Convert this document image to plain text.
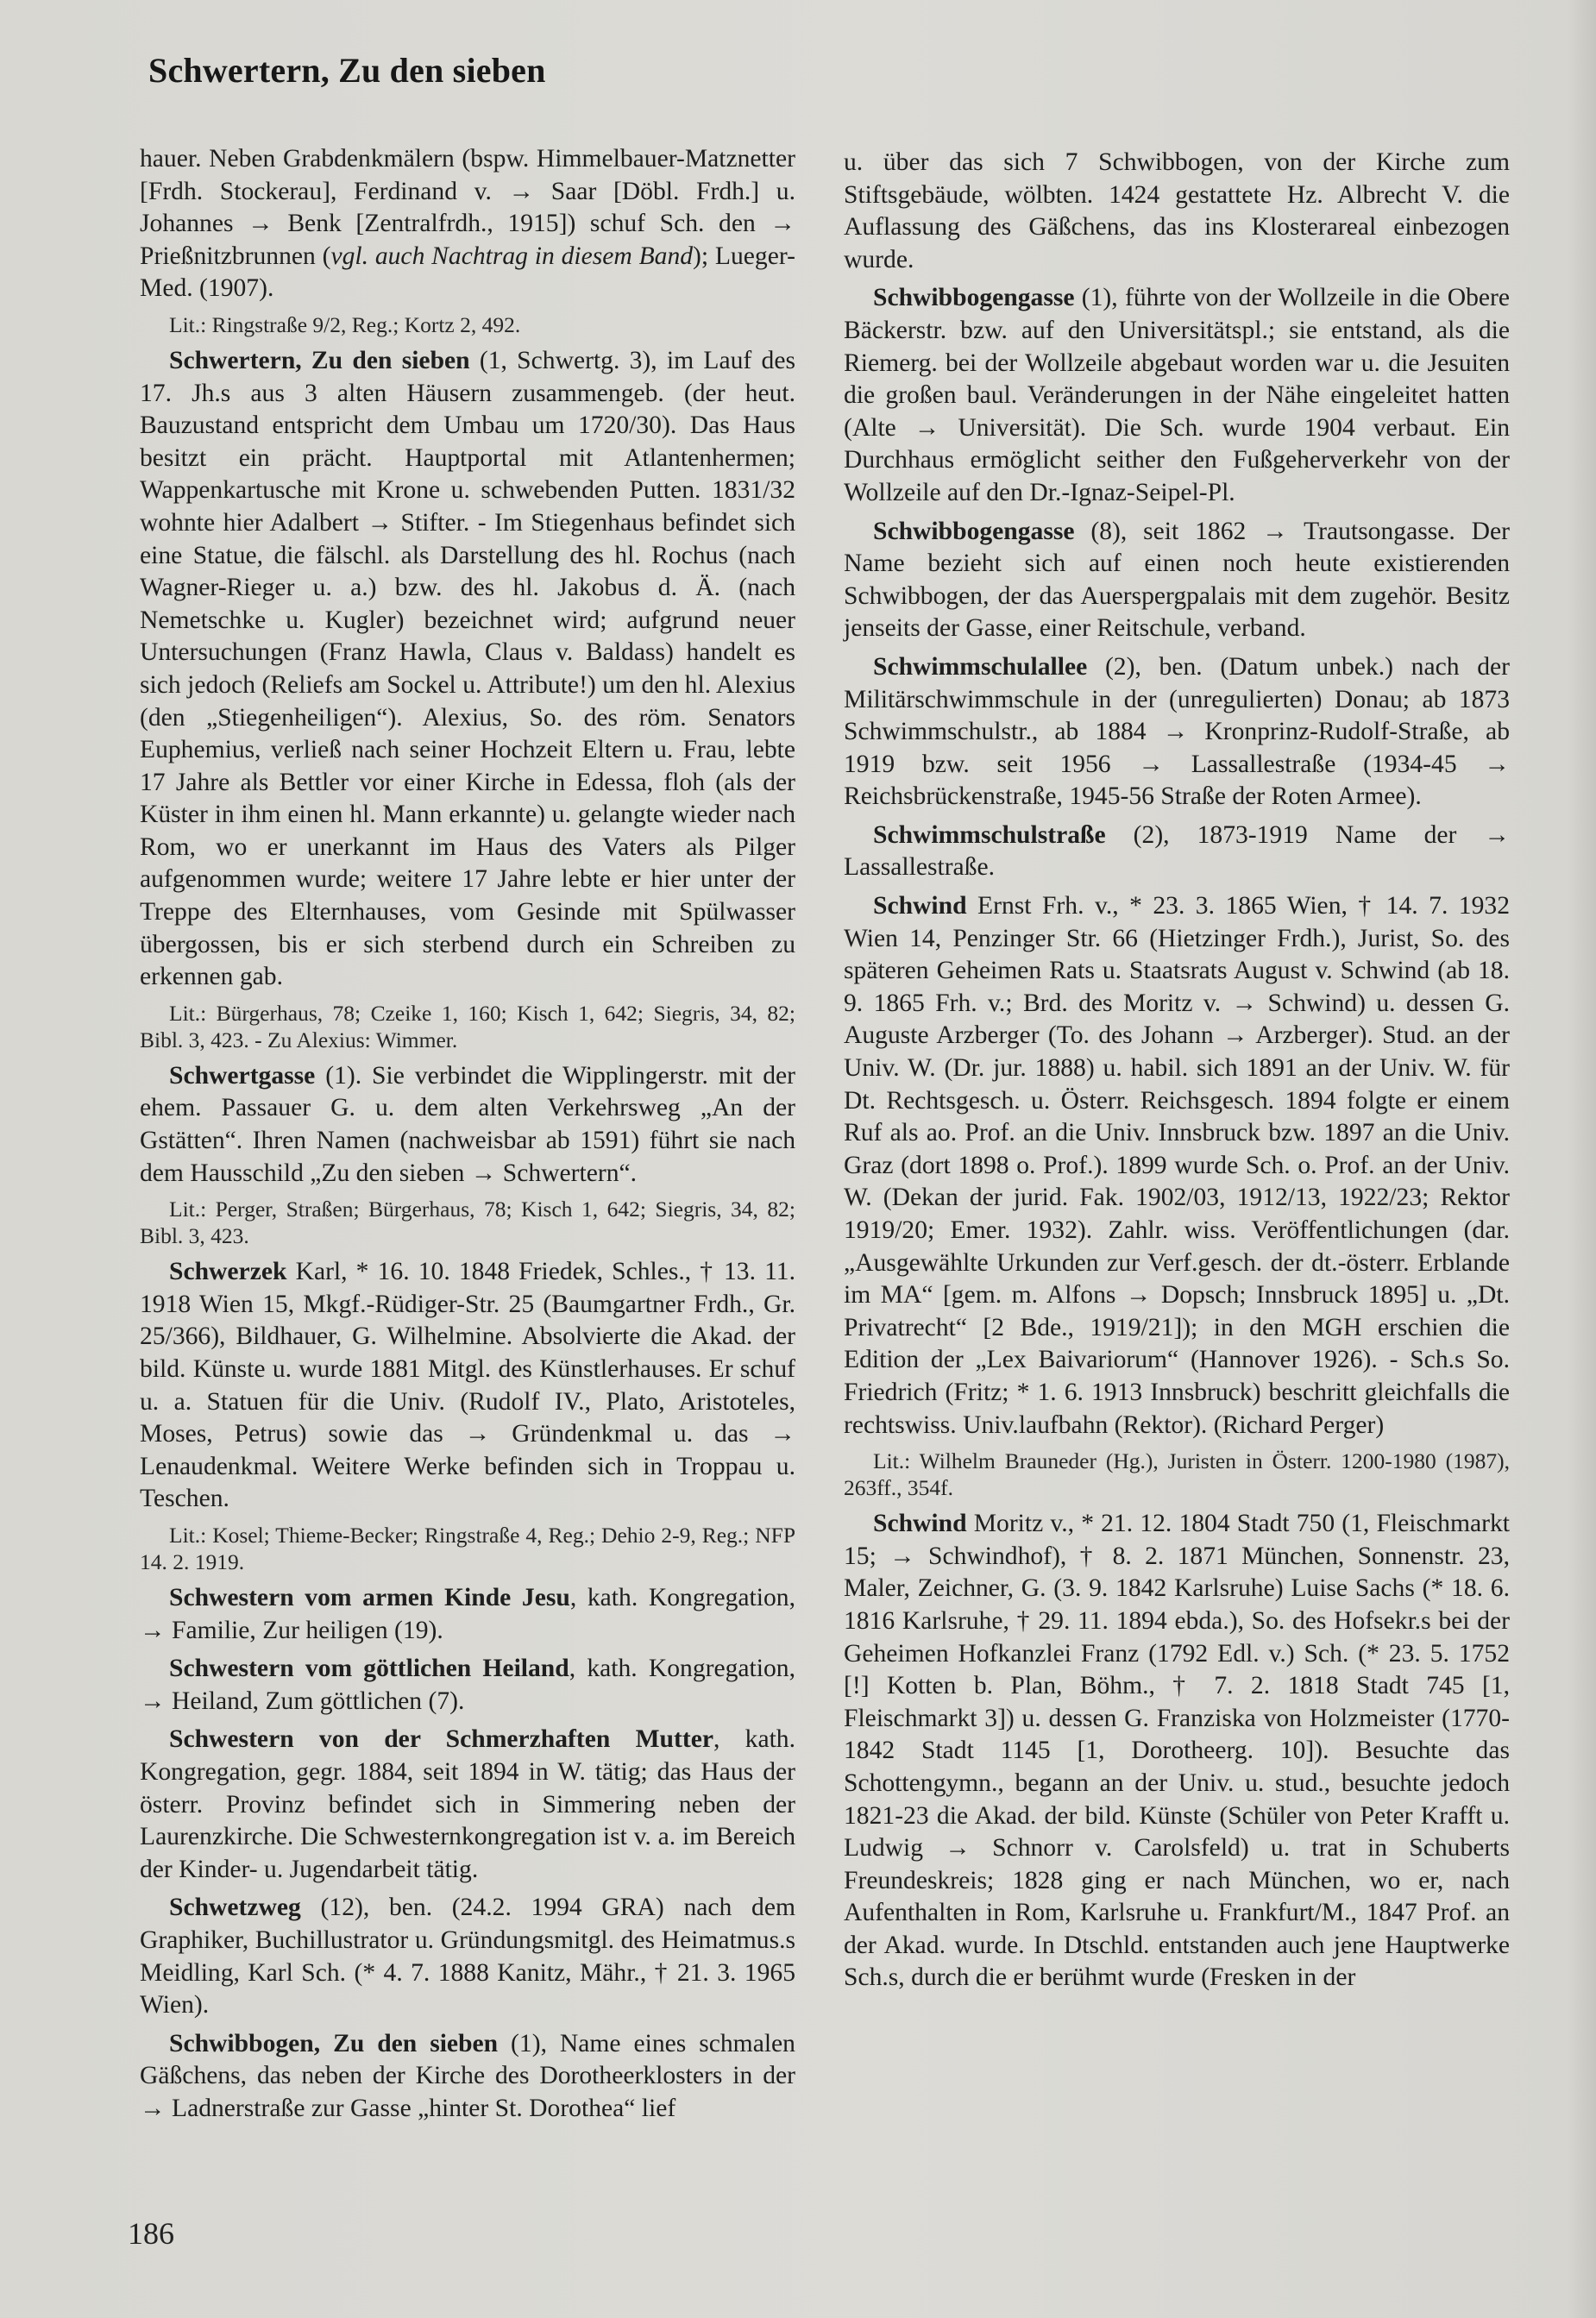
Schwertern, Zu den sieben

hauer. Neben Grabdenkmälern (bspw. Himmelbauer-Matznetter [Frdh. Stockerau], Ferdinand v. → Saar [Döbl. Frdh.] u. Johannes → Benk [Zentralfrdh., 1915]) schuf Sch. den → Prießnitzbrunnen (vgl. auch Nachtrag in diesem Band); Lueger-Med. (1907).

Lit.: Ringstraße 9/2, Reg.; Kortz 2, 492.

Schwertern, Zu den sieben (1, Schwertg. 3), im Lauf des 17. Jh.s aus 3 alten Häusern zusammengeb. (der heut. Bauzustand entspricht dem Umbau um 1720/30). Das Haus besitzt ein prächt. Hauptportal mit Atlantenhermen; Wappenkartusche mit Krone u. schwebenden Putten. 1831/32 wohnte hier Adalbert → Stifter. - Im Stiegenhaus befindet sich eine Statue, die fälschl. als Darstellung des hl. Rochus (nach Wagner-Rieger u. a.) bzw. des hl. Jakobus d. Ä. (nach Nemetschke u. Kugler) bezeichnet wird; aufgrund neuer Untersuchungen (Franz Hawla, Claus v. Baldass) handelt es sich jedoch (Reliefs am Sockel u. Attribute!) um den hl. Alexius (den „Stiegenheiligen“). Alexius, So. des röm. Senators Euphemius, verließ nach seiner Hochzeit Eltern u. Frau, lebte 17 Jahre als Bettler vor einer Kirche in Edessa, floh (als der Küster in ihm einen hl. Mann erkannte) u. gelangte wieder nach Rom, wo er unerkannt im Haus des Vaters als Pilger aufgenommen wurde; weitere 17 Jahre lebte er hier unter der Treppe des Elternhauses, vom Gesinde mit Spülwasser übergossen, bis er sich sterbend durch ein Schreiben zu erkennen gab.

Lit.: Bürgerhaus, 78; Czeike 1, 160; Kisch 1, 642; Siegris, 34, 82; Bibl. 3, 423. - Zu Alexius: Wimmer.

Schwertgasse (1). Sie verbindet die Wipplingerstr. mit der ehem. Passauer G. u. dem alten Verkehrsweg „An der Gstätten“. Ihren Namen (nachweisbar ab 1591) führt sie nach dem Hausschild „Zu den sieben → Schwertern“.

Lit.: Perger, Straßen; Bürgerhaus, 78; Kisch 1, 642; Siegris, 34, 82; Bibl. 3, 423.

Schwerzek Karl, * 16. 10. 1848 Friedek, Schles., † 13. 11. 1918 Wien 15, Mkgf.-Rüdiger-Str. 25 (Baumgartner Frdh., Gr. 25/366), Bildhauer, G. Wilhelmine. Absolvierte die Akad. der bild. Künste u. wurde 1881 Mitgl. des Künstlerhauses. Er schuf u. a. Statuen für die Univ. (Rudolf IV., Plato, Aristoteles, Moses, Petrus) sowie das → Gründenkmal u. das → Lenaudenkmal. Weitere Werke befinden sich in Troppau u. Teschen.

Lit.: Kosel; Thieme-Becker; Ringstraße 4, Reg.; Dehio 2-9, Reg.; NFP 14. 2. 1919.

Schwestern vom armen Kinde Jesu, kath. Kongregation, → Familie, Zur heiligen (19).

Schwestern vom göttlichen Heiland, kath. Kongregation, → Heiland, Zum göttlichen (7).

Schwestern von der Schmerzhaften Mutter, kath. Kongregation, gegr. 1884, seit 1894 in W. tätig; das Haus der österr. Provinz befindet sich in Simmering neben der Laurenzkirche. Die Schwesternkongregation ist v. a. im Bereich der Kinder- u. Jugendarbeit tätig.

Schwetzweg (12), ben. (24.2. 1994 GRA) nach dem Graphiker, Buchillustrator u. Gründungsmitgl. des Heimatmus.s Meidling, Karl Sch. (* 4. 7. 1888 Kanitz, Mähr., † 21. 3. 1965 Wien).

Schwibbogen, Zu den sieben (1), Name eines schmalen Gäßchens, das neben der Kirche des Dorotheerklosters in der → Ladnerstraße zur Gasse „hinter St. Dorothea“ lief

u. über das sich 7 Schwibbogen, von der Kirche zum Stiftsgebäude, wölbten. 1424 gestattete Hz. Albrecht V. die Auflassung des Gäßchens, das ins Klosterareal einbezogen wurde.

Schwibbogengasse (1), führte von der Wollzeile in die Obere Bäckerstr. bzw. auf den Universitätspl.; sie entstand, als die Riemerg. bei der Wollzeile abgebaut worden war u. die Jesuiten die großen baul. Veränderungen in der Nähe eingeleitet hatten (Alte → Universität). Die Sch. wurde 1904 verbaut. Ein Durchhaus ermöglicht seither den Fußgeherverkehr von der Wollzeile auf den Dr.-Ignaz-Seipel-Pl.

Schwibbogengasse (8), seit 1862 → Trautsongasse. Der Name bezieht sich auf einen noch heute existierenden Schwibbogen, der das Auerspergpalais mit dem zugehör. Besitz jenseits der Gasse, einer Reitschule, verband.

Schwimmschulallee (2), ben. (Datum unbek.) nach der Militärschwimmschule in der (unregulierten) Donau; ab 1873 Schwimmschulstr., ab 1884 → Kronprinz-Rudolf-Straße, ab 1919 bzw. seit 1956 → Lassallestraße (1934-45 → Reichsbrückenstraße, 1945-56 Straße der Roten Armee).

Schwimmschulstraße (2), 1873-1919 Name der → Lassallestraße.

Schwind Ernst Frh. v., * 23. 3. 1865 Wien, † 14. 7. 1932 Wien 14, Penzinger Str. 66 (Hietzinger Frdh.), Jurist, So. des späteren Geheimen Rats u. Staatsrats August v. Schwind (ab 18. 9. 1865 Frh. v.; Brd. des Moritz v. → Schwind) u. dessen G. Auguste Arzberger (To. des Johann → Arzberger). Stud. an der Univ. W. (Dr. jur. 1888) u. habil. sich 1891 an der Univ. W. für Dt. Rechtsgesch. u. Österr. Reichsgesch. 1894 folgte er einem Ruf als ao. Prof. an die Univ. Innsbruck bzw. 1897 an die Univ. Graz (dort 1898 o. Prof.). 1899 wurde Sch. o. Prof. an der Univ. W. (Dekan der jurid. Fak. 1902/03, 1912/13, 1922/23; Rektor 1919/20; Emer. 1932). Zahlr. wiss. Veröffentlichungen (dar. „Ausgewählte Urkunden zur Verf.gesch. der dt.-österr. Erblande im MA“ [gem. m. Alfons → Dopsch; Innsbruck 1895] u. „Dt. Privatrecht“ [2 Bde., 1919/21]); in den MGH erschien die Edition der „Lex Baivariorum“ (Hannover 1926). - Sch.s So. Friedrich (Fritz; * 1. 6. 1913 Innsbruck) beschritt gleichfalls die rechtswiss. Univ.laufbahn (Rektor). (Richard Perger)

Lit.: Wilhelm Brauneder (Hg.), Juristen in Österr. 1200-1980 (1987), 263ff., 354f.

Schwind Moritz v., * 21. 12. 1804 Stadt 750 (1, Fleischmarkt 15; → Schwindhof), † 8. 2. 1871 München, Sonnenstr. 23, Maler, Zeichner, G. (3. 9. 1842 Karlsruhe) Luise Sachs (* 18. 6. 1816 Karlsruhe, † 29. 11. 1894 ebda.), So. des Hofsekr.s bei der Geheimen Hofkanzlei Franz (1792 Edl. v.) Sch. (* 23. 5. 1752 [!] Kotten b. Plan, Böhm., † 7. 2. 1818 Stadt 745 [1, Fleischmarkt 3]) u. dessen G. Franziska von Holzmeister (1770-1842 Stadt 1145 [1, Dorotheerg. 10]). Besuchte das Schottengymn., begann an der Univ. u. stud., besuchte jedoch 1821-23 die Akad. der bild. Künste (Schüler von Peter Krafft u. Ludwig → Schnorr v. Carolsfeld) u. trat in Schuberts Freundeskreis; 1828 ging er nach München, wo er, nach Aufenthalten in Rom, Karlsruhe u. Frankfurt/M., 1847 Prof. an der Akad. wurde. In Dtschld. entstanden auch jene Hauptwerke Sch.s, durch die er berühmt wurde (Fresken in der

186
